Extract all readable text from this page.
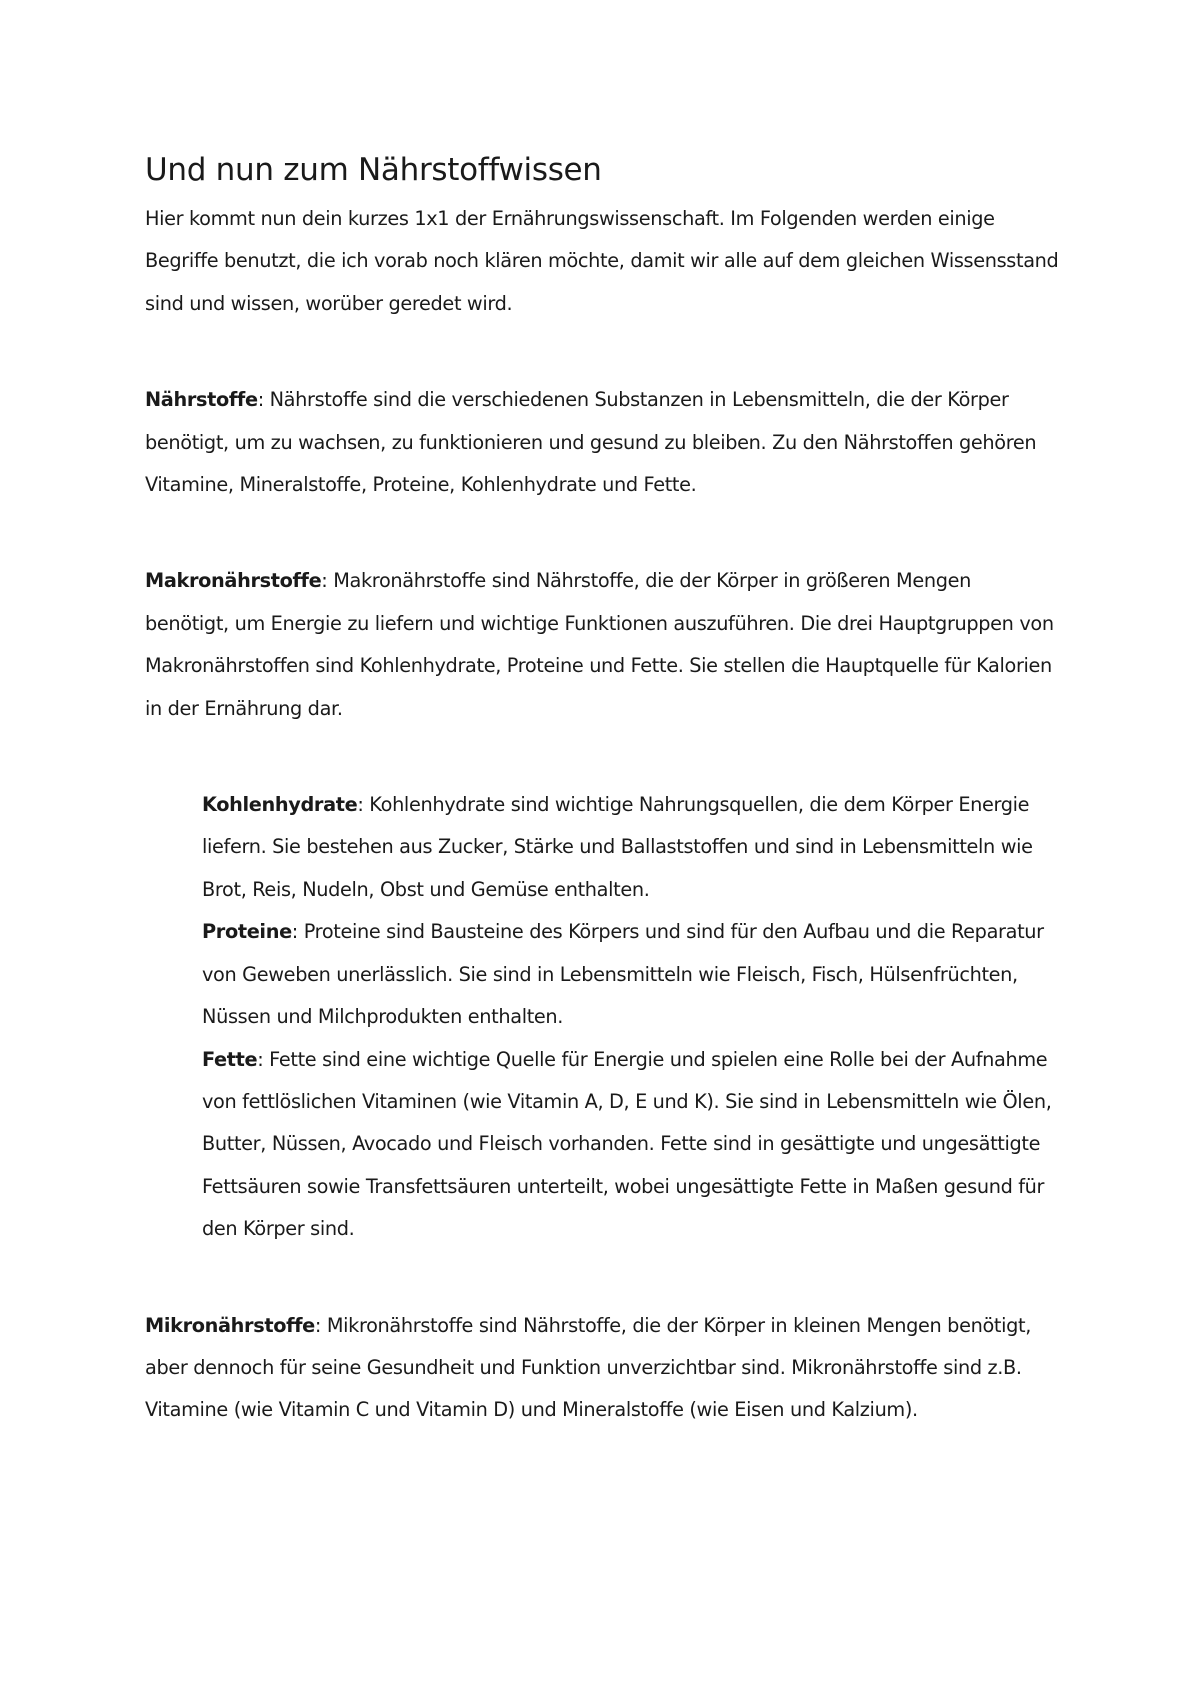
Und nun zum Nährstoffwissen

Hier kommt nun dein kurzes 1x1 der Ernährungswissenschaft. Im Folgenden werden einige Begriffe benutzt, die ich vorab noch klären möchte, damit wir alle auf dem gleichen Wissensstand sind und wissen, worüber geredet wird.

Nährstoffe: Nährstoffe sind die verschiedenen Substanzen in Lebensmitteln, die der Körper benötigt, um zu wachsen, zu funktionieren und gesund zu bleiben. Zu den Nährstoffen gehören Vitamine, Mineralstoffe, Proteine, Kohlenhydrate und Fette.

Makronährstoffe: Makronährstoffe sind Nährstoffe, die der Körper in größeren Mengen benötigt, um Energie zu liefern und wichtige Funktionen auszuführen. Die drei Hauptgruppen von Makronährstoffen sind Kohlenhydrate, Proteine und Fette. Sie stellen die Hauptquelle für Kalorien in der Ernährung dar.

Kohlenhydrate: Kohlenhydrate sind wichtige Nahrungsquellen, die dem Körper Energie liefern. Sie bestehen aus Zucker, Stärke und Ballaststoffen und sind in Lebensmitteln wie Brot, Reis, Nudeln, Obst und Gemüse enthalten.

Proteine: Proteine sind Bausteine des Körpers und sind für den Aufbau und die Reparatur von Geweben unerlässlich. Sie sind in Lebensmitteln wie Fleisch, Fisch, Hülsenfrüchten, Nüssen und Milchprodukten enthalten.

Fette: Fette sind eine wichtige Quelle für Energie und spielen eine Rolle bei der Aufnahme von fettlöslichen Vitaminen (wie Vitamin A, D, E und K). Sie sind in Lebensmitteln wie Ölen, Butter, Nüssen, Avocado und Fleisch vorhanden. Fette sind in gesättigte und ungesättigte Fettsäuren sowie Transfettsäuren unterteilt, wobei ungesättigte Fette in Maßen gesund für den Körper sind.

Mikronährstoffe: Mikronährstoffe sind Nährstoffe, die der Körper in kleinen Mengen benötigt, aber dennoch für seine Gesundheit und Funktion unverzichtbar sind. Mikronährstoffe sind z.B. Vitamine (wie Vitamin C und Vitamin D) und Mineralstoffe (wie Eisen und Kalzium).
